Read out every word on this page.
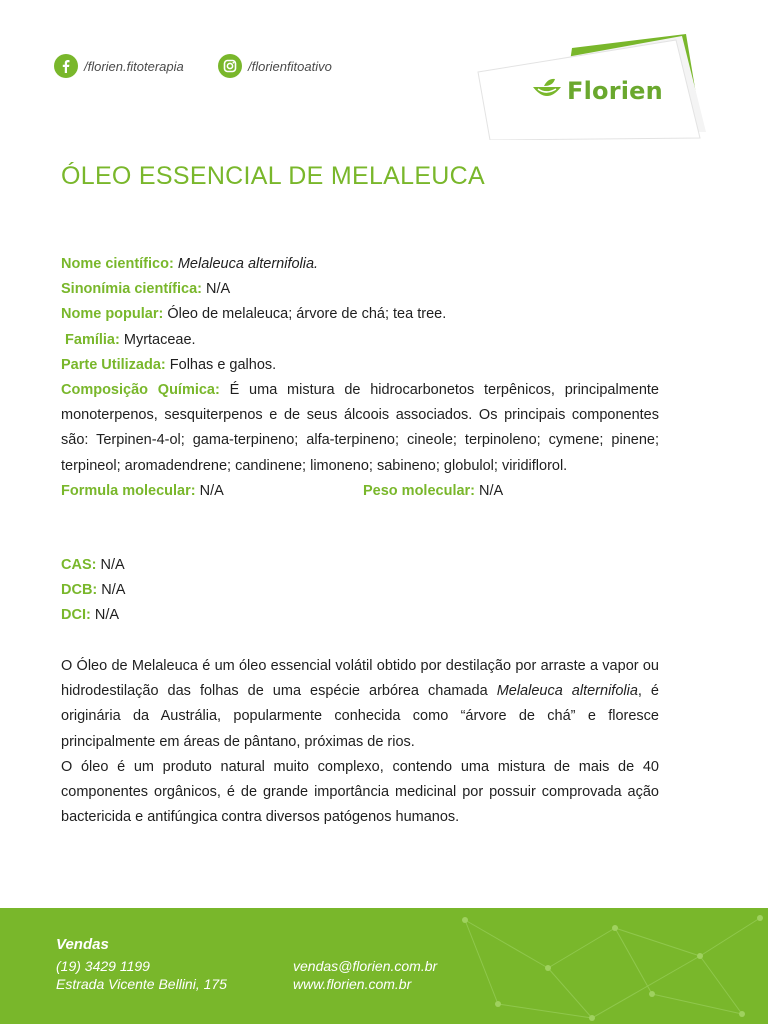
/florien.fitoterapia	/florienfitoativo
Florien
ÓLEO ESSENCIAL DE MELALEUCA
Nome científico: Melaleuca alternifolia.
Sinonímia científica: N/A
Nome popular: Óleo de melaleuca; árvore de chá; tea tree.
Família: Myrtaceae.
Parte Utilizada: Folhas e galhos.
Composição Química: É uma mistura de hidrocarbonetos terpênicos, principalmente monoterpenos, sesquiterpenos e de seus álcoois associados. Os principais componentes são: Terpinen-4-ol; gama-terpineno; alfa-terpineno; cineole; terpinoleno; cymene; pinene; terpineol; aromadendrene; candinene; limoneno; sabineno; globulol; viridiflorol.
Formula molecular: N/A	Peso molecular: N/A
CAS: N/A
DCB: N/A
DCI: N/A
O Óleo de Melaleuca é um óleo essencial volátil obtido por destilação por arraste a vapor ou hidrodestilação das folhas de uma espécie arbórea chamada Melaleuca alternifolia, é originária da Austrália, popularmente conhecida como “árvore de chá” e floresce principalmente em áreas de pântano, próximas de rios.
O óleo é um produto natural muito complexo, contendo uma mistura de mais de 40 componentes orgânicos, é de grande importância medicinal por possuir comprovada ação bactericida e antifúngica contra diversos patógenos humanos.
Vendas
(19) 3429 1199
Estrada Vicente Bellini, 175
vendas@florien.com.br
www.florien.com.br
